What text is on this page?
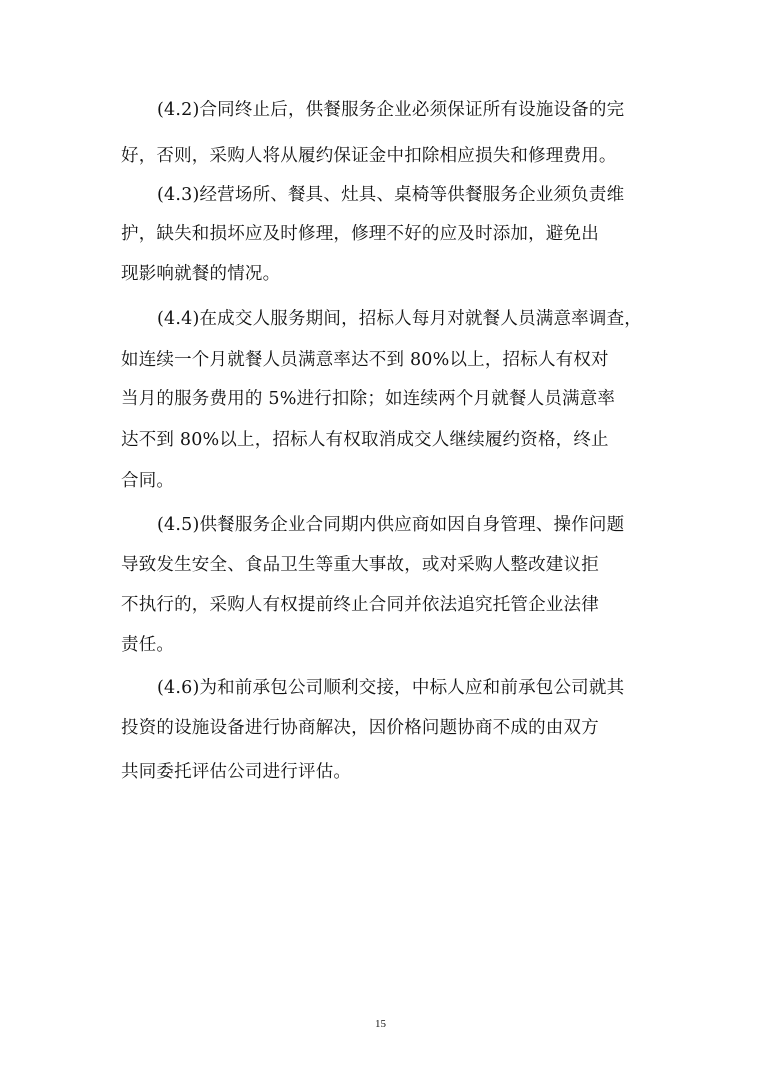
(4.2)合同终止后，供餐服务企业必须保证所有设施设备的完
好，否则，采购人将从履约保证金中扣除相应损失和修理费用。
(4.3)经营场所、餐具、灶具、桌椅等供餐服务企业须负责维
护，缺失和损坏应及时修理，修理不好的应及时添加，避免出
现影响就餐的情况。
(4.4)在成交人服务期间，招标人每月对就餐人员满意率调查，
如连续一个月就餐人员满意率达不到 80%以上，招标人有权对
当月的服务费用的 5%进行扣除；如连续两个月就餐人员满意率
达不到 80%以上，招标人有权取消成交人继续履约资格，终止
合同。
(4.5)供餐服务企业合同期内供应商如因自身管理、操作问题
导致发生安全、食品卫生等重大事故，或对采购人整改建议拒
不执行的，采购人有权提前终止合同并依法追究托管企业法律
责任。
(4.6)为和前承包公司顺利交接，中标人应和前承包公司就其
投资的设施设备进行协商解决，因价格问题协商不成的由双方
共同委托评估公司进行评估。
15
